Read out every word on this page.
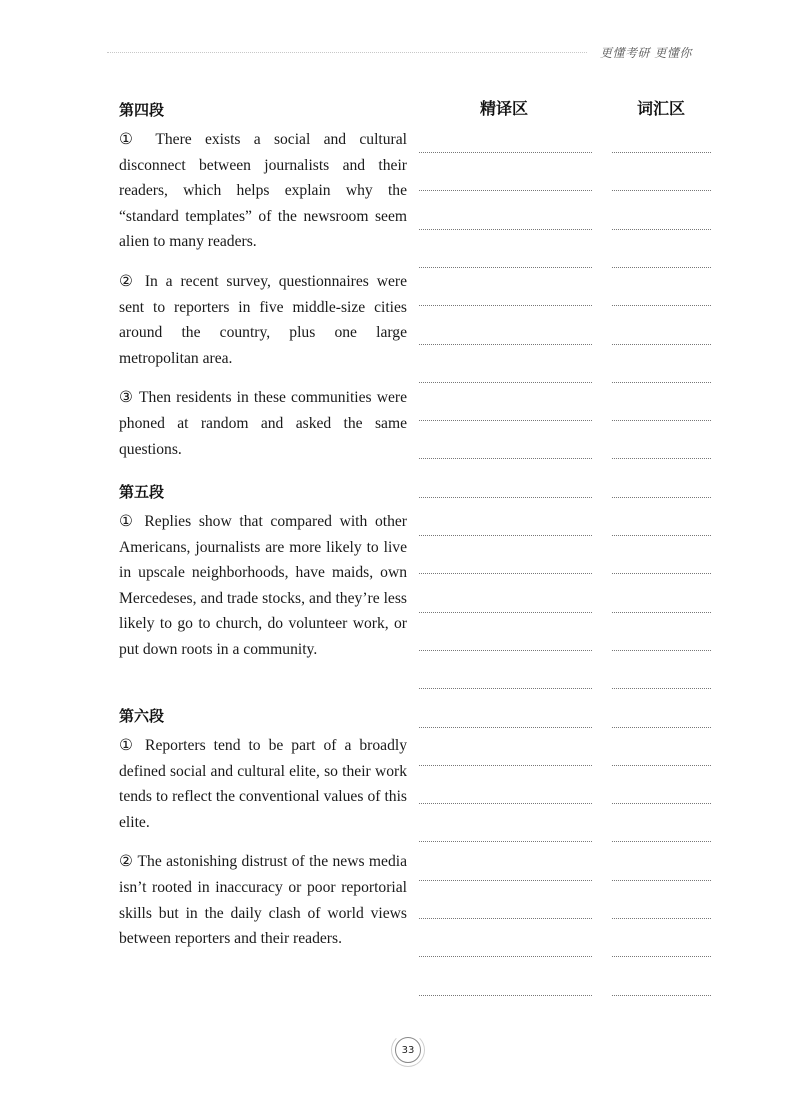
更懂考研 更懂你
精译区	词汇区
第四段

① There exists a social and cultural disconnect between journalists and their readers, which helps explain why the “standard templates” of the newsroom seem alien to many readers.

② In a recent survey, questionnaires were sent to reporters in five middle-size cities around the country, plus one large metropolitan area.

③ Then residents in these communities were phoned at random and asked the same questions.

第五段

① Replies show that compared with other Americans, journalists are more likely to live in upscale neighborhoods, have maids, own Mercedeses, and trade stocks, and they’re less likely to go to church, do volunteer work, or put down roots in a community.

第六段

① Reporters tend to be part of a broadly defined social and cultural elite, so their work tends to reflect the conventional values of this elite.

② The astonishing distrust of the news media isn’t rooted in inaccuracy or poor reportorial skills but in the daily clash of world views between reporters and their readers.

33
